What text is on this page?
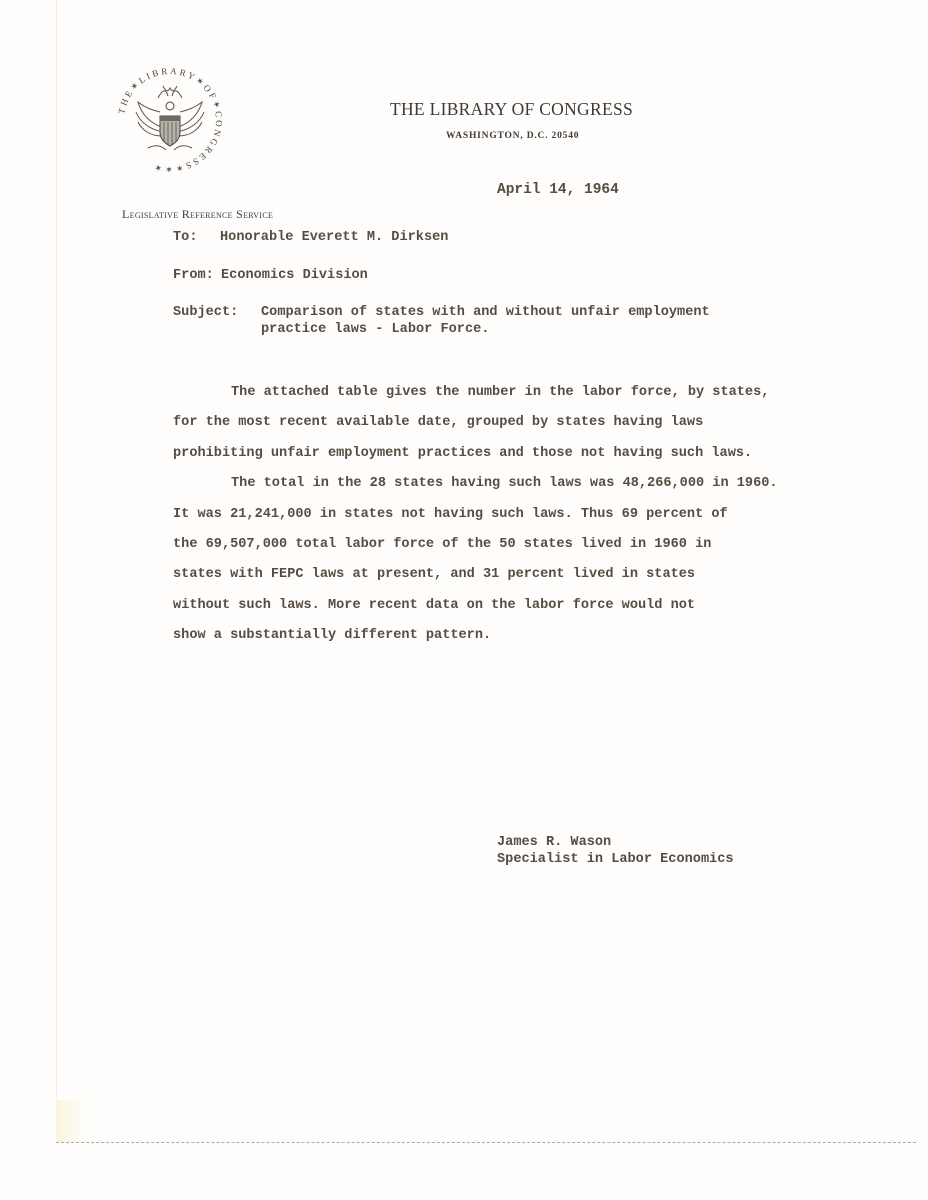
THE✶LIBRARY✶OF✶CONGRESS✶✶✶
THE LIBRARY OF CONGRESS
WASHINGTON, D.C. 20540
April 14, 1964
Legislative Reference Service
To: Honorable Everett M. Dirksen
From: Economics Division
Subject: Comparison of states with and without unfair employment
practice laws - Labor Force.

The attached table gives the number in the labor force, by states,

for the most recent available date, grouped by states having laws

prohibiting unfair employment practices and those not having such laws.

The total in the 28 states having such laws was 48,266,000 in 1960.

It was 21,241,000 in states not having such laws. Thus 69 percent of

the 69,507,000 total labor force of the 50 states lived in 1960 in

states with FEPC laws at present, and 31 percent lived in states

without such laws. More recent data on the labor force would not

show a substantially different pattern.

James R. Wason
Specialist in Labor Economics
